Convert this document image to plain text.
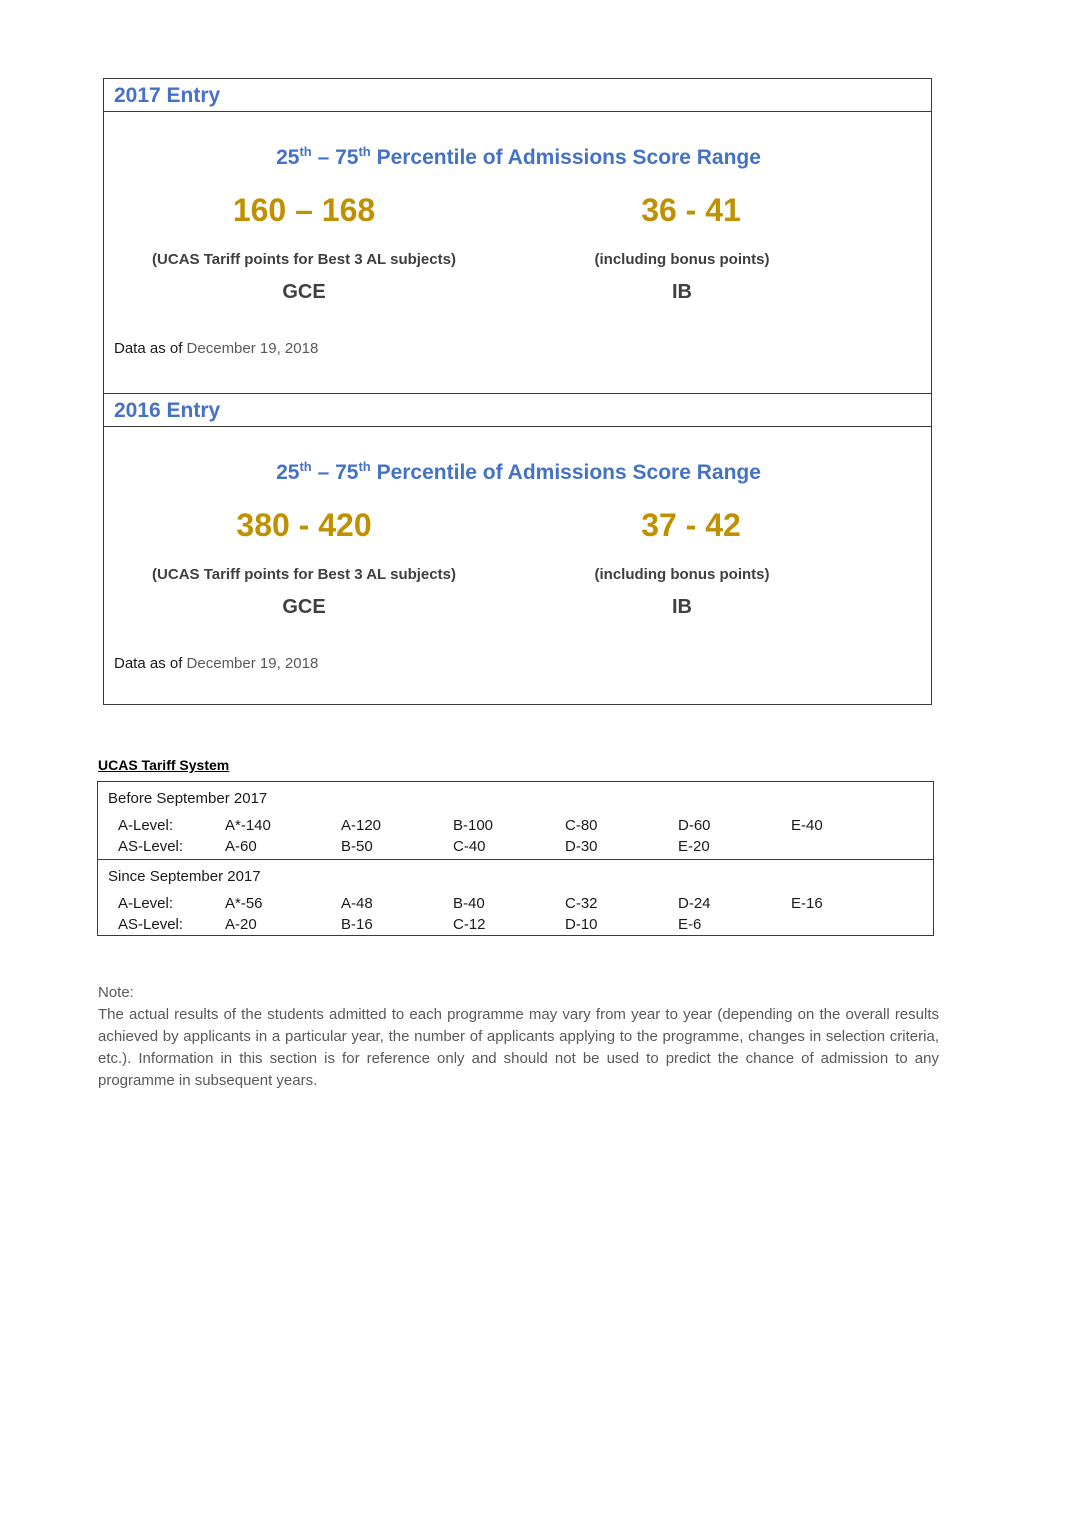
2017 Entry
25th – 75th Percentile of Admissions Score Range
160 – 168	36 - 41
(UCAS Tariff points for Best 3 AL subjects)	(including bonus points)
GCE	IB
Data as of December 19, 2018
2016 Entry
25th – 75th Percentile of Admissions Score Range
380 - 420	37 - 42
(UCAS Tariff points for Best 3 AL subjects)	(including bonus points)
GCE	IB
Data as of December 19, 2018
UCAS Tariff System
Before September 2017
A-Level:	A*-140	A-120	B-100	C-80	D-60	E-40
AS-Level:	A-60	B-50	C-40	D-30	E-20
Since September 2017
A-Level:	A*-56	A-48	B-40	C-32	D-24	E-16
AS-Level:	A-20	B-16	C-12	D-10	E-6
Note:
The actual results of the students admitted to each programme may vary from year to year (depending on the overall results achieved by applicants in a particular year, the number of applicants applying to the programme, changes in selection criteria, etc.). Information in this section is for reference only and should not be used to predict the chance of admission to any programme in subsequent years.
